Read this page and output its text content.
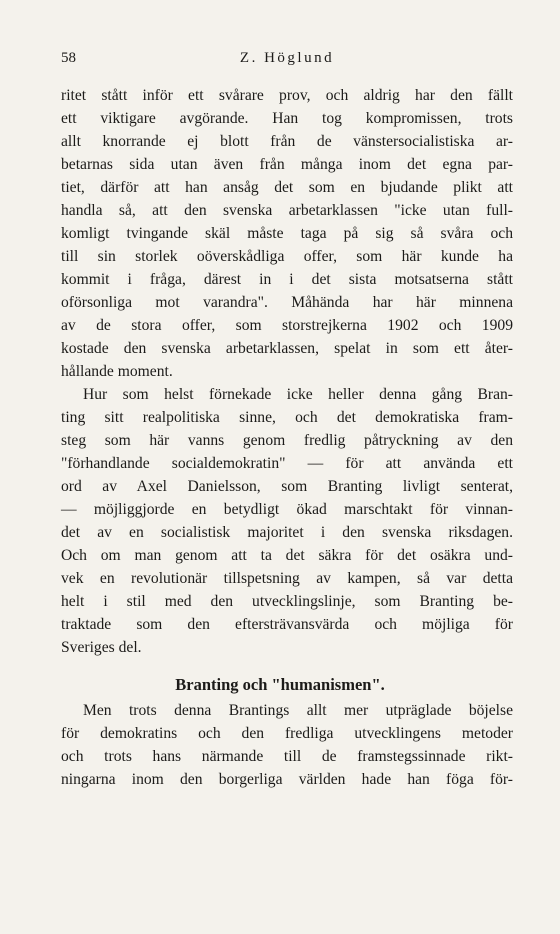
58	Z. Höglund
ritet stått inför ett svårare prov, och aldrig har den fällt
ett viktigare avgörande. Han tog kompromissen, trots
allt knorrande ej blott från de vänstersocialistiska ar-
betarnas sida utan även från många inom det egna par-
tiet, därför att han ansåg det som en bjudande plikt att
handla så, att den svenska arbetarklassen "icke utan full-
komligt tvingande skäl måste taga på sig så svåra och
till sin storlek oöverskådliga offer, som här kunde ha
kommit i fråga, därest in i det sista motsatserna stått
oförsonliga mot varandra". Måhända har här minnena
av de stora offer, som storstrejkerna 1902 och 1909
kostade den svenska arbetarklassen, spelat in som ett åter-
hållande moment.
Hur som helst förnekade icke heller denna gång Bran-
ting sitt realpolitiska sinne, och det demokratiska fram-
steg som här vanns genom fredlig påtryckning av den
"förhandlande socialdemokratin" — för att använda ett
ord av Axel Danielsson, som Branting livligt senterat,
— möjliggjorde en betydligt ökad marschtakt för vinnan-
det av en socialistisk majoritet i den svenska riksdagen.
Och om man genom att ta det säkra för det osäkra und-
vek en revolutionär tillspetsning av kampen, så var detta
helt i stil med den utvecklingslinje, som Branting be-
traktade som den eftersträvansvärda och möjliga för
Sveriges del.
Branting och "humanismen".
Men trots denna Brantings allt mer utpräglade böjelse
för demokratins och den fredliga utvecklingens metoder
och trots hans närmande till de framstegssinnade rikt-
ningarna inom den borgerliga världen hade han föga för-
